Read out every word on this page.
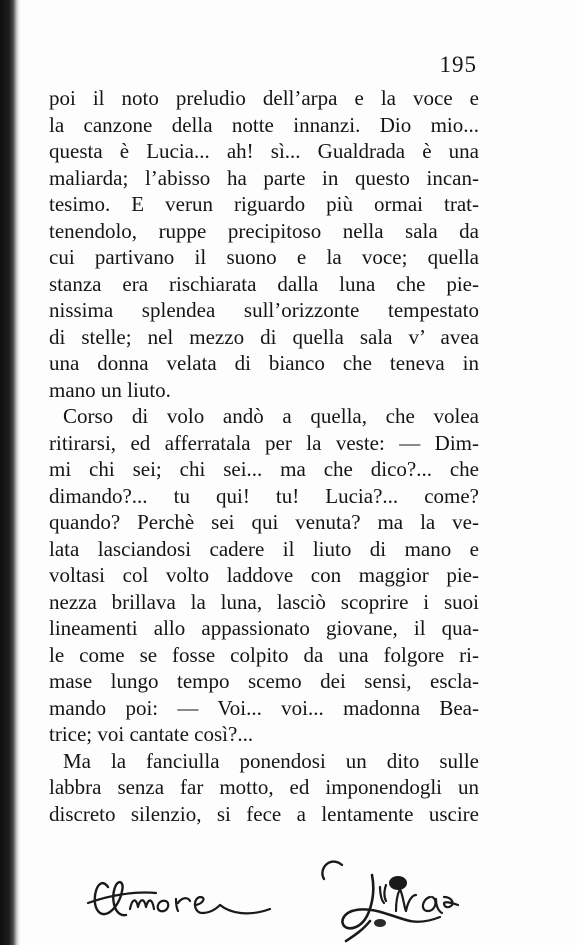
195
poi il noto preludio dell’arpa e la voce e
la canzone della notte innanzi. Dio mio...
questa è Lucia... ah! sì... Gualdrada è una
maliarda; l’abisso ha parte in questo incan-
tesimo. E verun riguardo più ormai trat-
tenendolo, ruppe precipitoso nella sala da
cui partivano il suono e la voce; quella
stanza era rischiarata dalla luna che pie-
nissima splendea sull’orizzonte tempestato
di stelle; nel mezzo di quella sala v’ avea
una donna velata di bianco che teneva in
mano un liuto.
Corso di volo andò a quella, che volea
ritirarsi, ed afferratala per la veste: — Dim-
mi chi sei; chi sei... ma che dico?... che
dimando?... tu qui! tu! Lucia?... come?
quando? Perchè sei qui venuta? ma la ve-
lata lasciandosi cadere il liuto di mano e
voltasi col volto laddove con maggior pie-
nezza brillava la luna, lasciò scoprire i suoi
lineamenti allo appassionato giovane, il qua-
le come se fosse colpito da una folgore ri-
mase lungo tempo scemo dei sensi, escla-
mando poi: — Voi... voi... madonna Bea-
trice; voi cantate così?...
Ma la fanciulla ponendosi un dito sulle
labbra senza far motto, ed imponendogli un
discreto silenzio, si fece a lentamente uscire
